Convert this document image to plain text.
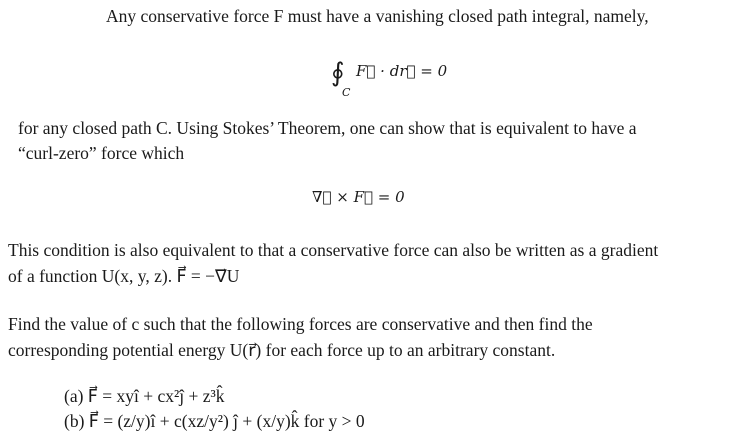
Any conservative force F must have a vanishing closed path integral, namely,
∮
C
F⃗ · dr⃗ = 0
for any closed path C. Using Stokes’ Theorem, one can show that is equivalent to have a
“curl-zero” force which
∇⃗ × F⃗ = 0
This condition is also equivalent to that a conservative force can also be written as a gradient
of a function U(x, y, z). F⃗ = −∇⃗U
Find the value of c such that the following forces are conservative and then find the
corresponding potential energy U(r⃗) for each force up to an arbitrary constant.
(a) F⃗ = xyî + cx²ĵ + z³k̂
(b) F⃗ = (z/y)î + c(xz/y²) ĵ + (x/y)k̂ for y > 0
